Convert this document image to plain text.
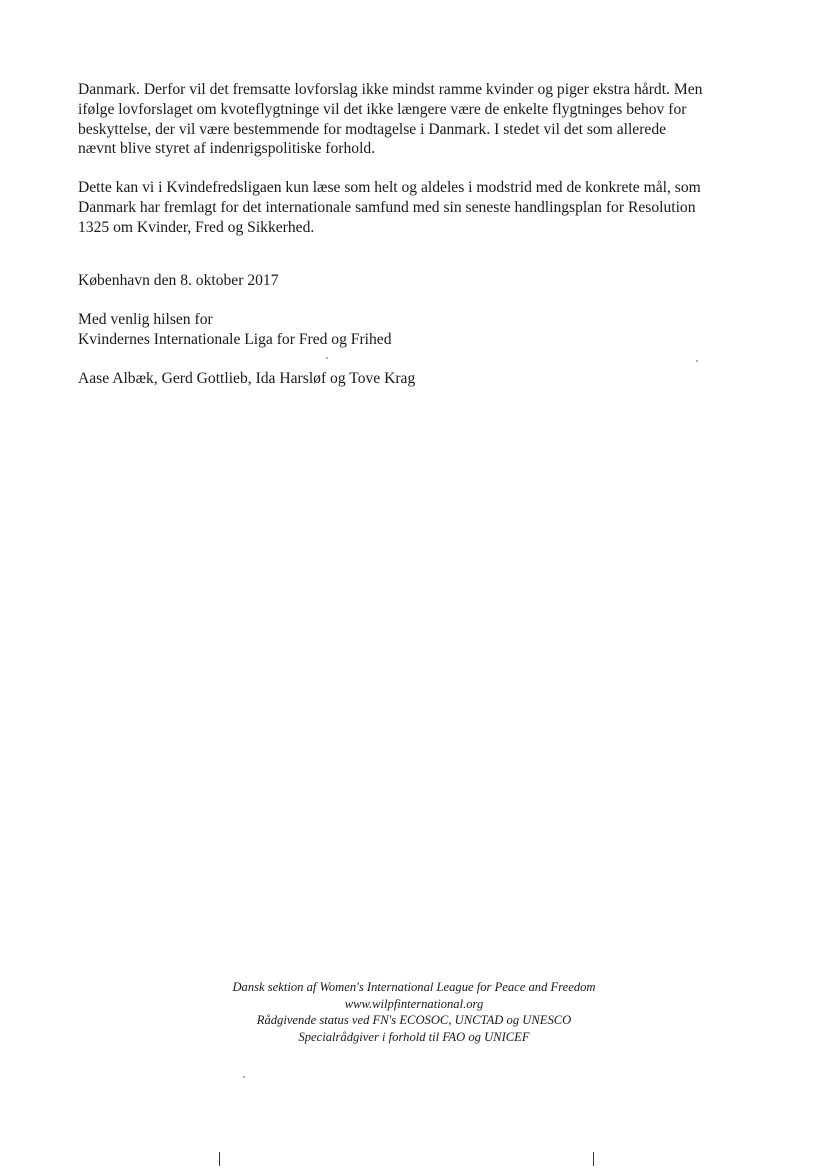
Danmark. Derfor vil det fremsatte lovforslag ikke mindst ramme kvinder og piger ekstra hårdt. Men
ifølge lovforslaget om kvoteflygtninge vil det ikke længere være de enkelte flygtninges behov for
beskyttelse, der vil være bestemmende for modtagelse i Danmark. I stedet vil det som allerede
nævnt blive styret af indenrigspolitiske forhold.

Dette kan vi i Kvindefredsligaen kun læse som helt og aldeles i modstrid med de konkrete mål, som
Danmark har fremlagt for det internationale samfund med sin seneste handlingsplan for Resolution
1325 om Kvinder, Fred og Sikkerhed.

København den 8. oktober 2017

Med venlig hilsen for
Kvindernes Internationale Liga for Fred og Frihed

Aase Albæk, Gerd Gottlieb, Ida Harsløf og Tove Krag

Dansk sektion af Women's International League for Peace and Freedom
www.wilpfinternational.org
Rådgivende status ved FN's ECOSOC, UNCTAD og UNESCO
Specialrådgiver i forhold til FAO og UNICEF
